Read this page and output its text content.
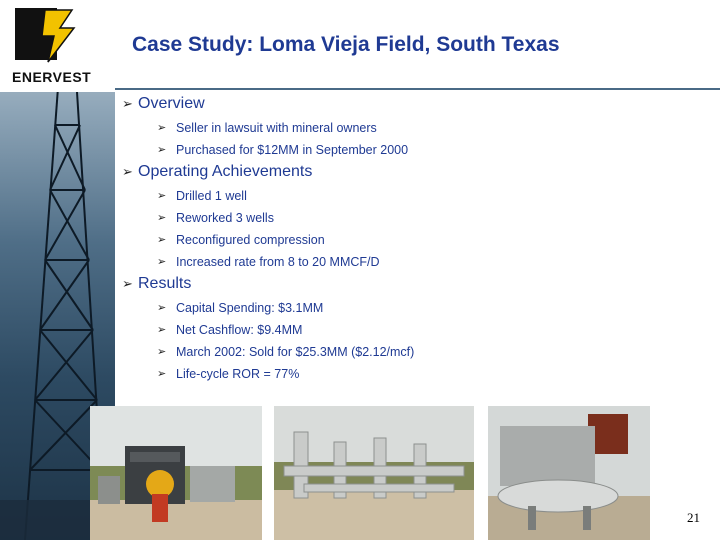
ENERVEST
Case Study: Loma Vieja Field, South Texas
➢ Overview
➢ Seller in lawsuit with mineral owners
➢ Purchased for $12MM in September 2000
➢ Operating Achievements
➢ Drilled 1 well
➢ Reworked 3 wells
➢ Reconfigured compression
➢ Increased rate from 8 to 20 MMCF/D
➢ Results
➢ Capital Spending: $3.1MM
➢ Net Cashflow: $9.4MM
➢ March 2002: Sold for $25.3MM ($2.12/mcf)
➢ Life-cycle ROR = 77%
21
